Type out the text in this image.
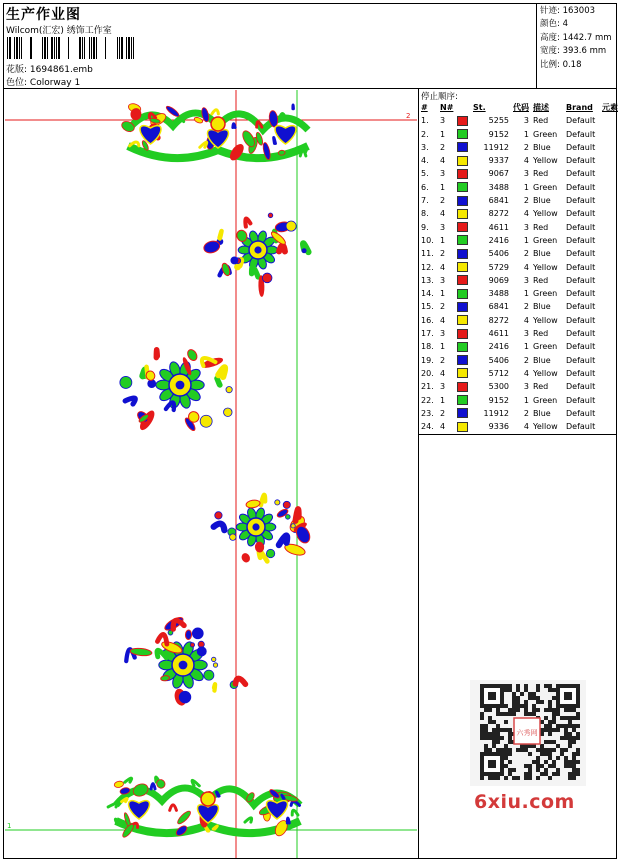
生产作业图
Wilcom(汇宏) 绣饰工作室
花版: 1694861.emb
色位: Colorway 1
针迹: 163003
颜色: 4
高度: 1442.7 mm
宽度: 393.6 mm
比例: 0.18
停止顺序:
#	N#		St.	代码	描述	Brand	元素
1.	3		5255	3	Red	Default	
2.	1		9152	1	Green	Default	
3.	2		11912	2	Blue	Default	
4.	4		9337	4	Yellow	Default	
5.	3		9067	3	Red	Default	
6.	1		3488	1	Green	Default	
7.	2		6841	2	Blue	Default	
8.	4		8272	4	Yellow	Default	
9.	3		4611	3	Red	Default	
10.	1		2416	1	Green	Default	
11.	2		5406	2	Blue	Default	
12.	4		5729	4	Yellow	Default	
13.	3		9069	3	Red	Default	
14.	1		3488	1	Green	Default	
15.	2		6841	2	Blue	Default	
16.	4		8272	4	Yellow	Default	
17.	3		4611	3	Red	Default	
18.	1		2416	1	Green	Default	
19.	2		5406	2	Blue	Default	
20.	4		5712	4	Yellow	Default	
21.	3		5300	3	Red	Default	
22.	1		9152	1	Green	Default	
23.	2		11912	2	Blue	Default	
24.	4		9336	4	Yellow	Default	
1
2
六秀网
6xiu.com
